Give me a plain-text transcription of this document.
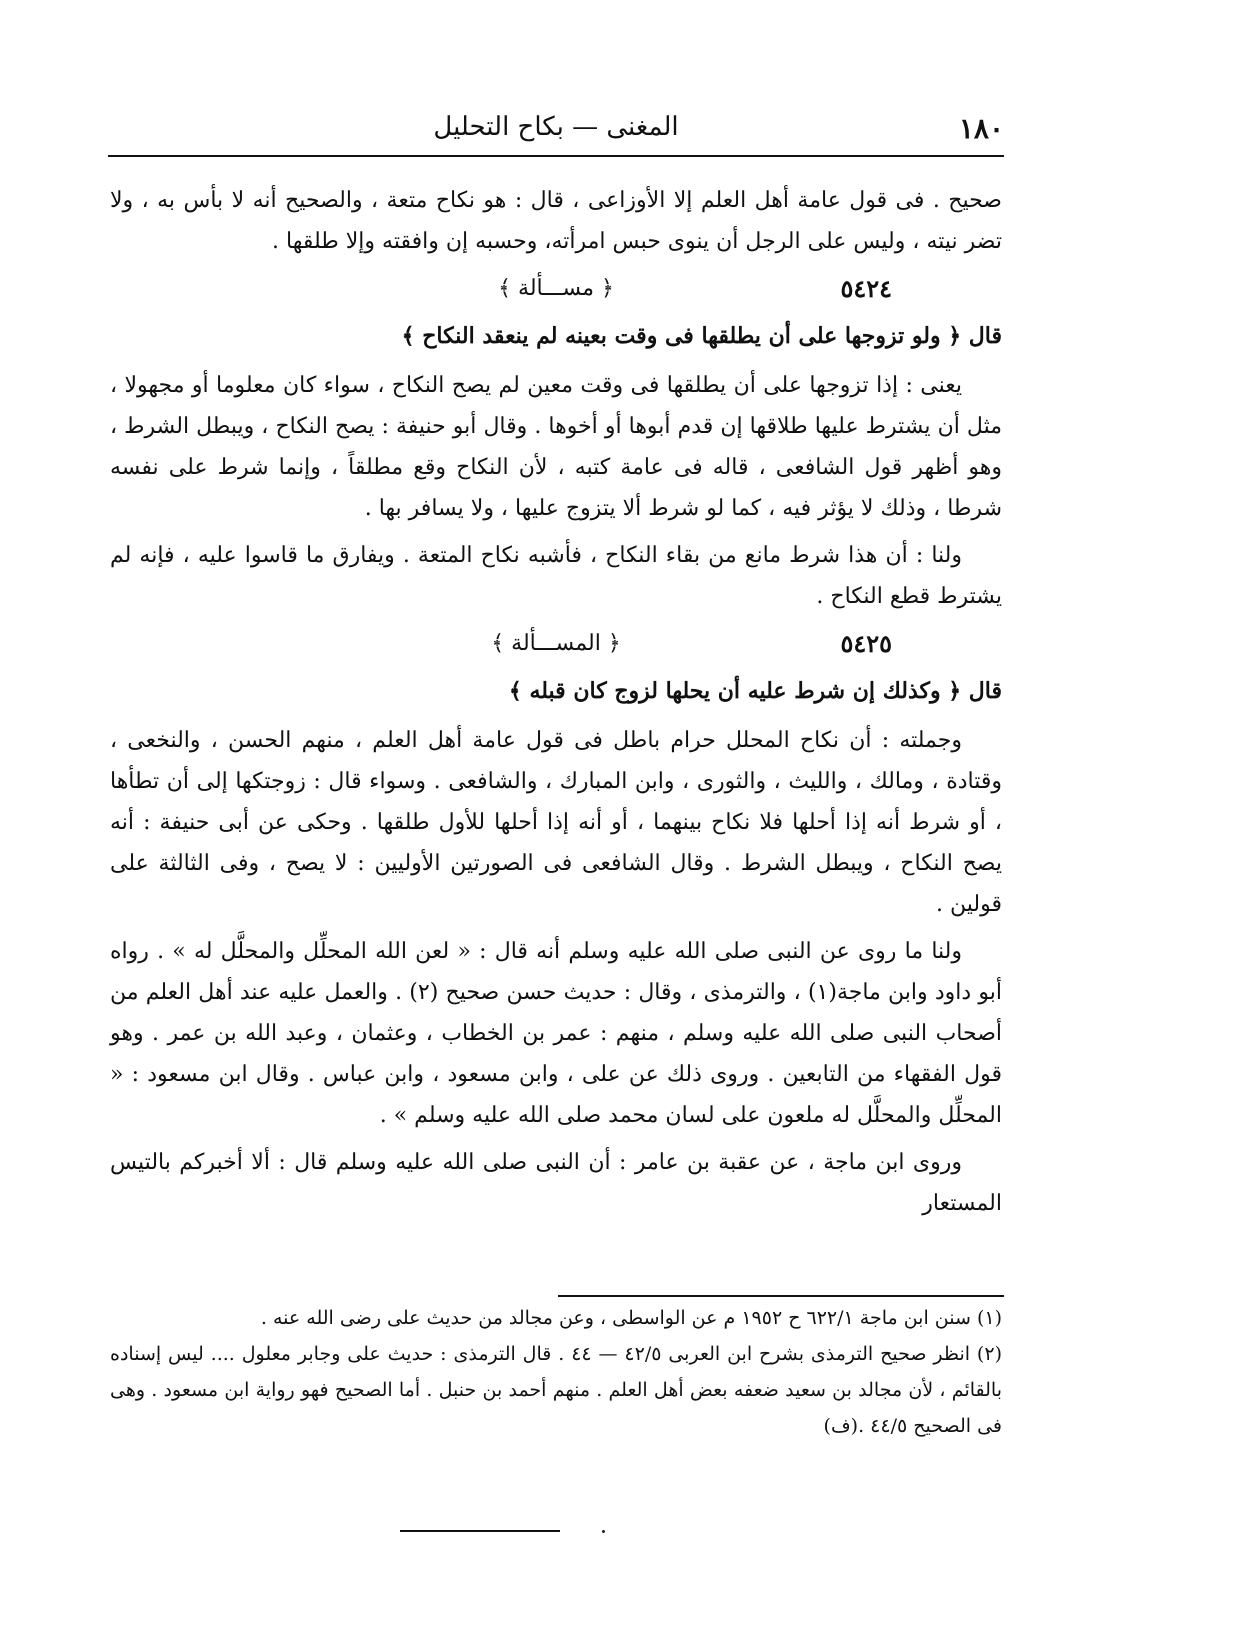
١٨٠
المغنى — بكاح التحليل

صحيح . فى قول عامة أهل العلم إلا الأوزاعى ، قال : هو نكاح متعة ، والصحيح أنه لا بأس به ، ولا تضر نيته ، وليس على الرجل أن ينوى حبس امرأته، وحسبه إن وافقته وإلا طلقها .

٥٤٢٤
﴿ مســـألة ﴾

قال ﴿ ولو تزوجها على أن يطلقها فى وقت بعينه لم ينعقد النكاح ﴾

يعنى : إذا تزوجها على أن يطلقها فى وقت معين لم يصح النكاح ، سواء كان معلوما أو مجهولا ، مثل أن يشترط عليها طلاقها إن قدم أبوها أو أخوها . وقال أبو حنيفة : يصح النكاح ، ويبطل الشرط ، وهو أظهر قول الشافعى ، قاله فى عامة كتبه ، لأن النكاح وقع مطلقاً ، وإنما شرط على نفسه شرطا ، وذلك لا يؤثر فيه ، كما لو شرط ألا يتزوج عليها ، ولا يسافر بها .

ولنا : أن هذا شرط مانع من بقاء النكاح ، فأشبه نكاح المتعة . ويفارق ما قاسوا عليه ، فإنه لم يشترط قطع النكاح .

٥٤٢٥
﴿ المســـألة ﴾

قال ﴿ وكذلك إن شرط عليه أن يحلها لزوج كان قبله ﴾

وجملته : أن نكاح المحلل حرام باطل فى قول عامة أهل العلم ، منهم الحسن ، والنخعى ، وقتادة ، ومالك ، والليث ، والثورى ، وابن المبارك ، والشافعى . وسواء قال : زوجتكها إلى أن تطأها ، أو شرط أنه إذا أحلها فلا نكاح بينهما ، أو أنه إذا أحلها للأول طلقها . وحكى عن أبى حنيفة : أنه يصح النكاح ، ويبطل الشرط . وقال الشافعى فى الصورتين الأوليين : لا يصح ، وفى الثالثة على قولين .

ولنا ما روى عن النبى صلى الله عليه وسلم أنه قال : « لعن الله المحلِّل والمحلَّل له » . رواه أبو داود وابن ماجة(١) ، والترمذى ، وقال : حديث حسن صحيح (٢) . والعمل عليه عند أهل العلم من أصحاب النبى صلى الله عليه وسلم ، منهم : عمر بن الخطاب ، وعثمان ، وعبد الله بن عمر . وهو قول الفقهاء من التابعين . وروى ذلك عن على ، وابن مسعود ، وابن عباس . وقال ابن مسعود : « المحلِّل والمحلَّل له ملعون على لسان محمد صلى الله عليه وسلم » .

وروى ابن ماجة ، عن عقبة بن عامر : أن النبى صلى الله عليه وسلم قال : ألا أخبركم بالتيس المستعار

(١) سنن ابن ماجة ٦٢٢/١ ح ١٩٥٢ م عن الواسطى ، وعن مجالد من حديث على رضى الله عنه .

(٢) انظر صحيح الترمذى بشرح ابن العربى ٤٢/٥ — ٤٤ . قال الترمذى : حديث على وجابر معلول .... ليس إسناده بالقائم ، لأن مجالد بن سعيد ضعفه بعض أهل العلم . منهم أحمد بن حنبل . أما الصحيح فهو رواية ابن مسعود . وهى فى الصحيح ٤٤/٥ .(ف)
